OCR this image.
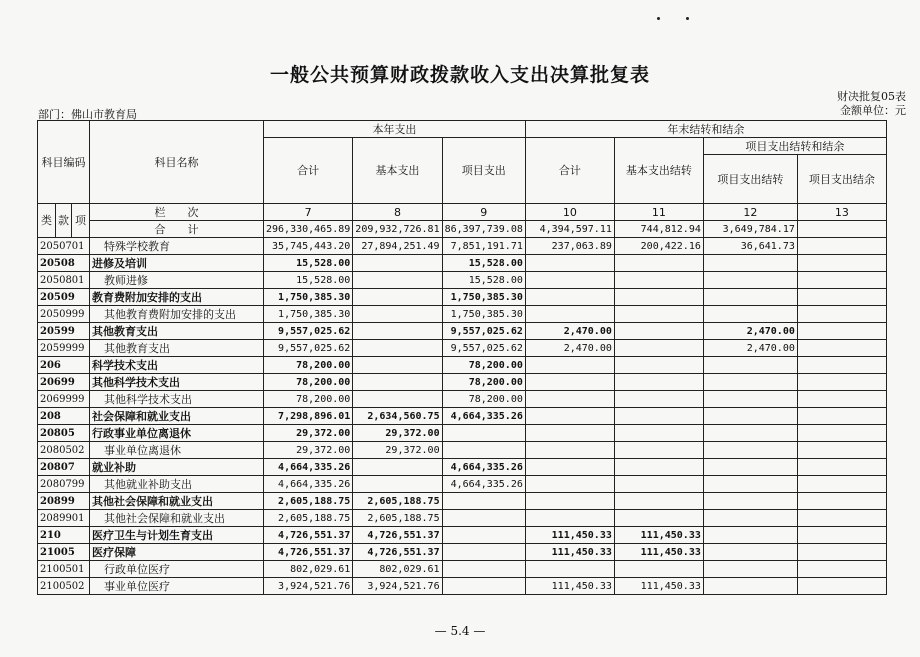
一般公共预算财政拨款收入支出决算批复表
财决批复05表
金额单位：元
部门：佛山市教育局
科目编码			科目名称	本年支出			年末结转和结余			
				合计	基本支出	项目支出	合计	基本支出结转	项目支出结转和结余	
									项目支出结转	项目支出结余

类	款	项	栏　　次	7	8	9	10	11	12	13
			合　　计	296,330,465.89	209,932,726.81	86,397,739.08	4,394,597.11	744,812.94	3,649,784.17	
2050701			特殊学校教育	35,745,443.20	27,894,251.49	7,851,191.71	237,063.89	200,422.16	36,641.73	
20508			进修及培训	15,528.00		15,528.00				
2050801			教师进修	15,528.00		15,528.00				
20509			教育费附加安排的支出	1,750,385.30		1,750,385.30				
2050999			其他教育费附加安排的支出	1,750,385.30		1,750,385.30				
20599			其他教育支出	9,557,025.62		9,557,025.62	2,470.00		2,470.00	
2059999			其他教育支出	9,557,025.62		9,557,025.62	2,470.00		2,470.00	
206			科学技术支出	78,200.00		78,200.00				
20699			其他科学技术支出	78,200.00		78,200.00				
2069999			其他科学技术支出	78,200.00		78,200.00				
208			社会保障和就业支出	7,298,896.01	2,634,560.75	4,664,335.26				
20805			行政事业单位离退休	29,372.00	29,372.00					
2080502			事业单位离退休	29,372.00	29,372.00					
20807			就业补助	4,664,335.26		4,664,335.26				
2080799			其他就业补助支出	4,664,335.26		4,664,335.26				
20899			其他社会保障和就业支出	2,605,188.75	2,605,188.75					
2089901			其他社会保障和就业支出	2,605,188.75	2,605,188.75					
210			医疗卫生与计划生育支出	4,726,551.37	4,726,551.37		111,450.33	111,450.33		
21005			医疗保障	4,726,551.37	4,726,551.37		111,450.33	111,450.33		
2100501			行政单位医疗	802,029.61	802,029.61					
2100502			事业单位医疗	3,924,521.76	3,924,521.76		111,450.33	111,450.33		
— 5.4 —
